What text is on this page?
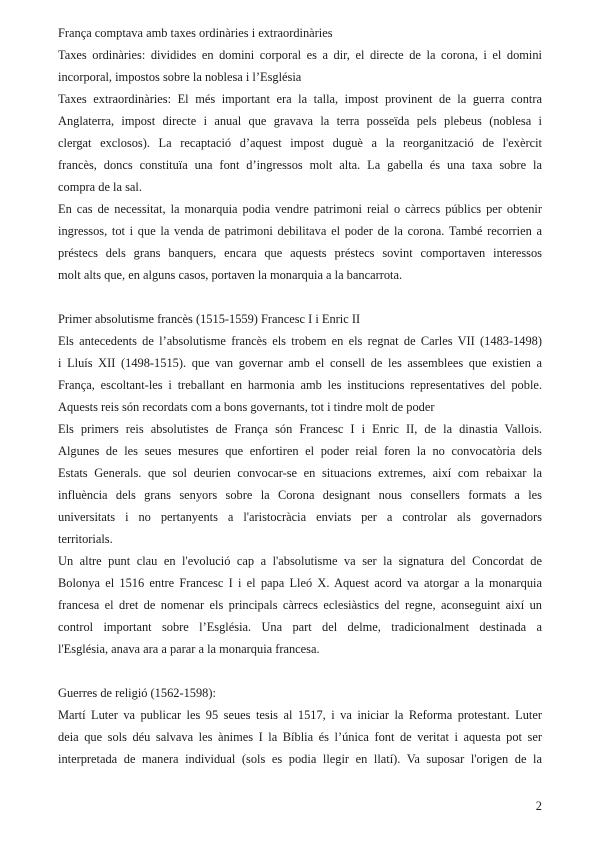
França comptava amb taxes ordinàries i extraordinàries
Taxes ordinàries: dividides en domini corporal es a dir, el directe de la corona, i el domini
incorporal, impostos sobre la noblesa i l’Església
Taxes extraordinàries: El més important era la talla, impost provinent de la guerra contra
Anglaterra, impost directe i anual que gravava la terra posseïda pels plebeus (noblesa i
clergat exclosos). La recaptació d’aquest impost duguè a la reorganització de l'exèrcit
francès, doncs constituïa una font d’ingressos molt alta. La gabella és una taxa sobre la
compra de la sal.
En cas de necessitat, la monarquia podia vendre patrimoni reial o càrrecs públics per obtenir
ingressos, tot i que la venda de patrimoni debilitava el poder de la corona. També recorrien a
préstecs dels grans banquers, encara que aquests préstecs sovint comportaven interessos
molt alts que, en alguns casos, portaven la monarquia a la bancarrota.
Primer absolutisme francès (1515-1559) Francesc I i Enric II
Els antecedents de l’absolutisme francès els trobem en els regnat de Carles VII (1483-1498)
i Lluís XII (1498-1515). que van governar amb el consell de les assemblees que existien a
França, escoltant-les i treballant en harmonia amb les institucions representatives del poble.
Aquests reis són recordats com a bons governants, tot i tindre molt de poder
Els primers reis absolutistes de França són Francesc I i Enric II, de la dinastia Vallois.
Algunes de les seues mesures que enfortiren el poder reial foren la no convocatòria dels
Estats Generals. que sol deurien convocar-se en situacions extremes, així com rebaixar la
influència dels grans senyors sobre la Corona designant nous consellers formats a les
universitats i no pertanyents a l'aristocràcia enviats per a controlar als governadors
territorials.
Un altre punt clau en l'evolució cap a l'absolutisme va ser la signatura del Concordat de
Bolonya el 1516 entre Francesc I i el papa Lleó X. Aquest acord va atorgar a la monarquia
francesa el dret de nomenar els principals càrrecs eclesiàstics del regne, aconseguint així un
control important sobre l’Església. Una part del delme, tradicionalment destinada a
l'Església, anava ara a parar a la monarquia francesa.
Guerres de religió (1562-1598):
Martí Luter va publicar les 95 seues tesis al 1517, i va iniciar la Reforma protestant. Luter
deia que sols déu salvava les ànimes I la Bíblia és l’única font de veritat i aquesta pot ser
interpretada de manera individual (sols es podia llegir en llatí). Va suposar l'origen de la
2
